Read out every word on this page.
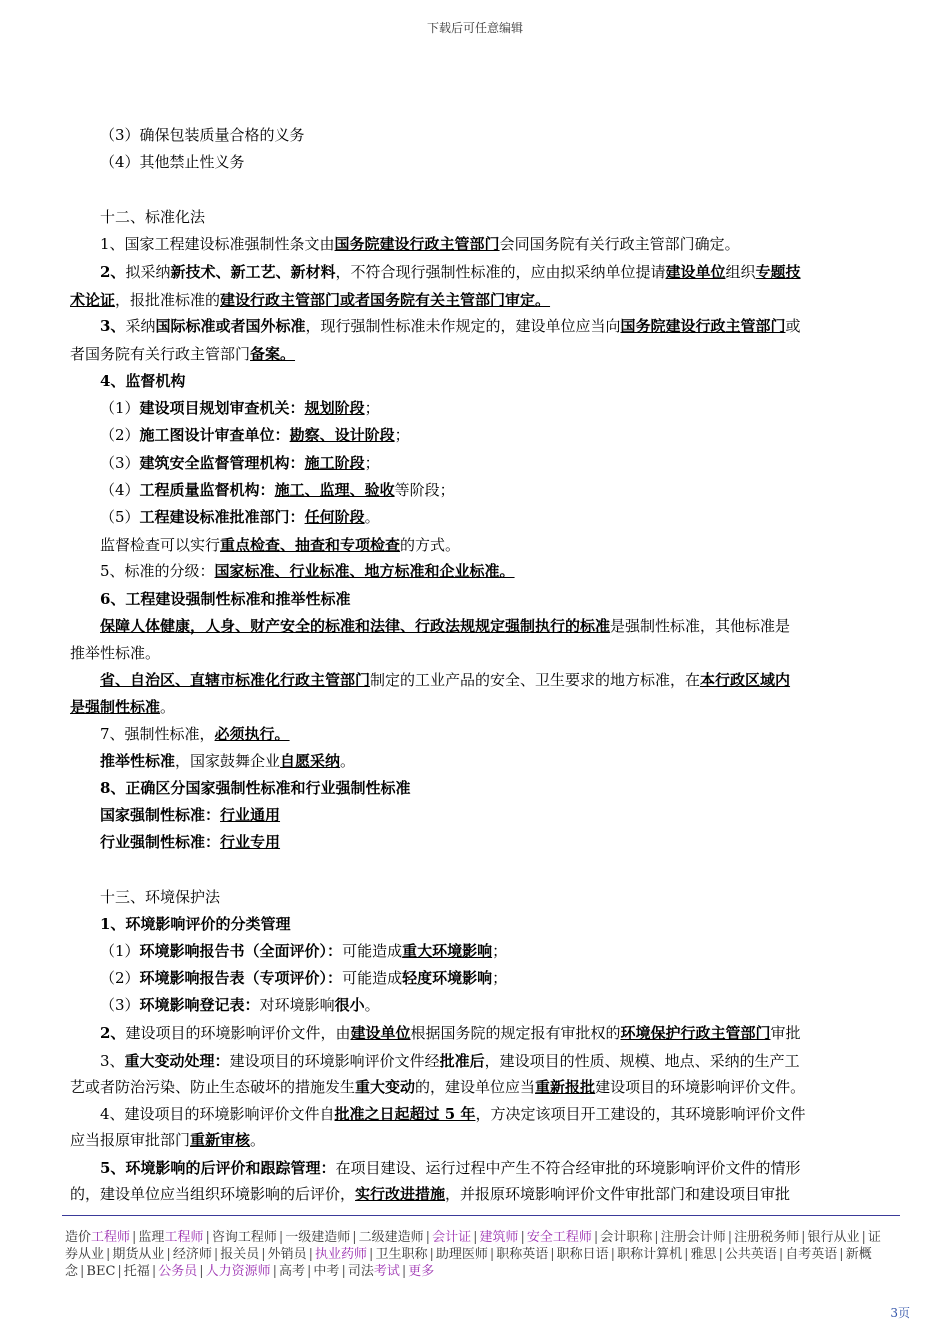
下载后可任意编辑
（3）确保包装质量合格的义务
（4）其他禁止性义务
十二、标准化法
1、国家工程建设标准强制性条文由国务院建设行政主管部门会同国务院有关行政主管部门确定。
2、拟采纳新技术、新工艺、新材料，不符合现行强制性标准的，应由拟采纳单位提请建设单位组织专题技
术论证，报批准标准的建设行政主管部门或者国务院有关主管部门审定。
3、采纳国际标准或者国外标准，现行强制性标准未作规定的，建设单位应当向国务院建设行政主管部门或
者国务院有关行政主管部门备案。
4、监督机构
（1）建设项目规划审查机关：规划阶段；
（2）施工图设计审查单位：勘察、设计阶段；
（3）建筑安全监督管理机构：施工阶段；
（4）工程质量监督机构：施工、监理、验收等阶段；
（5）工程建设标准批准部门：任何阶段。
监督检查可以实行重点检查、抽查和专项检查的方式。
5、标准的分级：国家标准、行业标准、地方标准和企业标准。
6、工程建设强制性标准和推举性标准
保障人体健康，人身、财产安全的标准和法律、行政法规规定强制执行的标准是强制性标准，其他标准是
推举性标准。
省、自治区、直辖市标准化行政主管部门制定的工业产品的安全、卫生要求的地方标准，在本行政区域内
是强制性标准。
7、强制性标准，必须执行。
推举性标准，国家鼓舞企业自愿采纳。
8、正确区分国家强制性标准和行业强制性标准
国家强制性标准：行业通用
行业强制性标准：行业专用
十三、环境保护法
1、环境影响评价的分类管理
（1）环境影响报告书（全面评价）：可能造成重大环境影响；
（2）环境影响报告表（专项评价）：可能造成轻度环境影响；
（3）环境影响登记表：对环境影响很小。
2、建设项目的环境影响评价文件，由建设单位根据国务院的规定报有审批权的环境保护行政主管部门审批
3、重大变动处理：建设项目的环境影响评价文件经批准后，建设项目的性质、规模、地点、采纳的生产工
艺或者防治污染、防止生态破坏的措施发生重大变动的，建设单位应当重新报批建设项目的环境影响评价文件。
4、建设项目的环境影响评价文件自批准之日起超过 5 年，方决定该项目开工建设的，其环境影响评价文件
应当报原审批部门重新审核。
5、环境影响的后评价和跟踪管理：在项目建设、运行过程中产生不符合经审批的环境影响评价文件的情形
的，建设单位应当组织环境影响的后评价，实行改进措施，并报原环境影响评价文件审批部门和建设项目审批
造价工程师 | 监理工程师 | 咨询工程师 | 一级建造师 | 二级建造师 | 会计证 | 建筑师 | 安全工程师 | 会计职称 | 注册会计师 | 注册税务师 | 银行从业 | 证券从业 | 期货从业 | 经济师 | 报关员 | 外销员 | 执业药师 | 卫生职称 | 助理医师 | 职称英语 | 职称日语 | 职称计算机 | 雅思 | 公共英语 | 自考英语 | 新概念 | BEC | 托福 | 公务员 | 人力资源师 | 高考 | 中考 | 司法考试 | 更多
3页
